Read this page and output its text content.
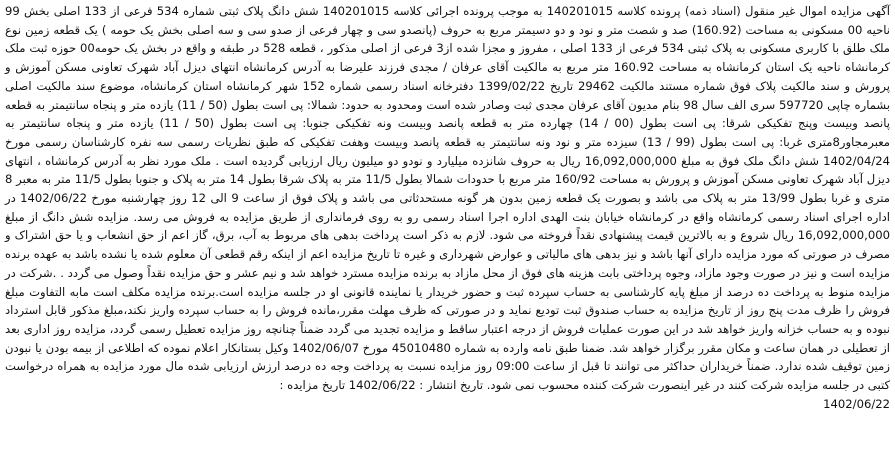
آگهی مزایده اموال غیر منقول (اسناد ذمه) پرونده کلاسه 140201015 به موجب پرونده اجرائی کلاسه 140201015 شش دانگ پلاک ثبتی شماره 534 فرعی از 133 اصلی بخش 99 ناحیه 00 مسکونی به مساحت (160.92) صد و شصت متر و نود و دو دسیمتر مربع به حروف (پانصدو سی و چهار فرعی از صدو سی و سه اصلی بخش یک حومه ) یک قطعه زمین نوع ملک طلق با کاربری مسکونی به پلاک ثبتی 534 فرعی از 133 اصلی ، مفروز و مجزا شده از3 فرعی از اصلی مذکور ، قطعه 528 در طبقه و واقع در بخش یک حومه00 حوزه ثبت ملک کرمانشاه ناحیه یک استان کرمانشاه به مساحت 160.92 متر مربع به مالکیت آقای عرفان / مجدی فرزند علیرضا به آدرس کرمانشاه انتهای دیزل آباد شهرک تعاونی مسکن آموزش و پرورش و سند مالکیت پلاک فوق شماره مستند مالکیت 29462 تاریخ 1399/02/22 دفترخانه اسناد رسمی شماره 152 شهر کرمانشاه استان کرمانشاه، موضوع سند مالکیت اصلی بشماره چاپی 597720 سری الف سال 98 بنام مدیون آقای عرفان مجدی ثبت وصادر شده است ومحدود به حدود: شمالا: پی است بطول (50 / 11) یازده متر و پنجاه سانتیمتر به قطعه پانصد وبیست وپنج تفکیکی شرقا: پی است بطول (00 / 14) چهارده متر به قطعه پانصد وبیست ونه تفکیکی جنوبا: پی است بطول (50 / 11) یازده متر و پنجاه سانتیمتر به معبرمجاور8متری غربا: پی است بطول (99 / 13) سیزده متر و نود ونه سانتیمتر به قطعه پانصد وبیست وهفت تفکیکی که طبق نظریات رسمی سه نفره کارشناسان رسمی مورخ 1402/04/24 شش دانگ ملک فوق به مبلغ 16,092,000,000 ریال به حروف شانزده میلیارد و نودو دو میلیون ریال ارزیابی گردیده است . ملک مورد نظر به آدرس کرمانشاه ، انتهای دیزل آباد شهرک تعاونی مسکن آموزش و پرورش به مساحت 160/92 متر مربع با حدودات شمالا بطول 11/5 متر به پلاک شرقا بطول 14 متر به پلاک و جنوبا بطول 11/5 متر به معبر 8 متری و غربا بطول 13/99 متر به پلاک می باشد و بصورت یک قطعه زمین بدون هر گونه مستحدثاتی می باشد و پلاک فوق از ساعت 9 الی 12 روز چهارشنبه مورخ 1402/06/22 در اداره اجرای اسناد رسمی کرمانشاه واقع در کرمانشاه خیابان بنت الهدی اداره اجرا اسناد رسمی رو به روی فرمانداری از طریق مزایده به فروش می رسد. مزایده شش دانگ از مبلغ 16,092,000,000 ریال شروع و به بالاترین قیمت پیشنهادی نقداً فروخته می شود. لازم به ذکر است پرداخت بدهی های مربوط به آب، برق، گاز اعم از حق انشعاب و یا حق اشتراک و مصرف در صورتی که مورد مزایده دارای آنها باشد و نیز بدهی های مالیاتی و عوارض شهرداری و غیره تا تاریخ مزایده اعم از اینکه رقم قطعی آن معلوم شده یا نشده باشد به عهده برنده مزایده است و نیز در صورت وجود مازاد، وجوه پرداختی بابت هزینه های فوق از محل مازاد به برنده مزایده مسترد خواهد شد و نیم عشر و حق مزایده نقداً وصول می گردد . .شرکت در مزایده منوط به پرداخت ده درصد از مبلغ پایه کارشناسی به حساب سپرده ثبت و حضور خریدار یا نماینده قانونی او در جلسه مزایده است.برنده مزایده مکلف است مابه التفاوت مبلغ فروش را ظرف مدت پنج روز از تاریخ مزایده به حساب صندوق ثبت تودیع نماید و در صورتی که ظرف مهلت مقرر،مانده فروش را به حساب سپرده واریز نکند،مبلغ مذکور قابل استرداد نبوده و به حساب خزانه واریز خواهد شد در این صورت عملیات فروش از درجه اعتبار ساقط و مزایده تجدید می گردد ضمناً چنانچه روز مزایده تعطیل رسمی گردد، مزایده روز اداری بعد از تعطیلی در همان ساعت و مکان مقرر برگزار خواهد شد. ضمنا طبق نامه وارده به شماره 45010480 مورخ 1402/06/07 وکیل بستانکار اعلام نموده که اطلاعی از بیمه بودن یا نبودن زمین توقیف شده ندارد. ضمناً خریداران حداکثر می توانند تا قبل از ساعت 09:00 روز مزایده نسبت به پرداخت وجه ده درصد ارزش ارزیابی شده مال مورد مزایده به همراه درخواست کتبی در جلسه مزایده شرکت کنند در غیر اینصورت شرکت کننده محسوب نمی شود. تاریخ انتشار : 1402/06/22 تاریخ مزایده :

1402/06/22
